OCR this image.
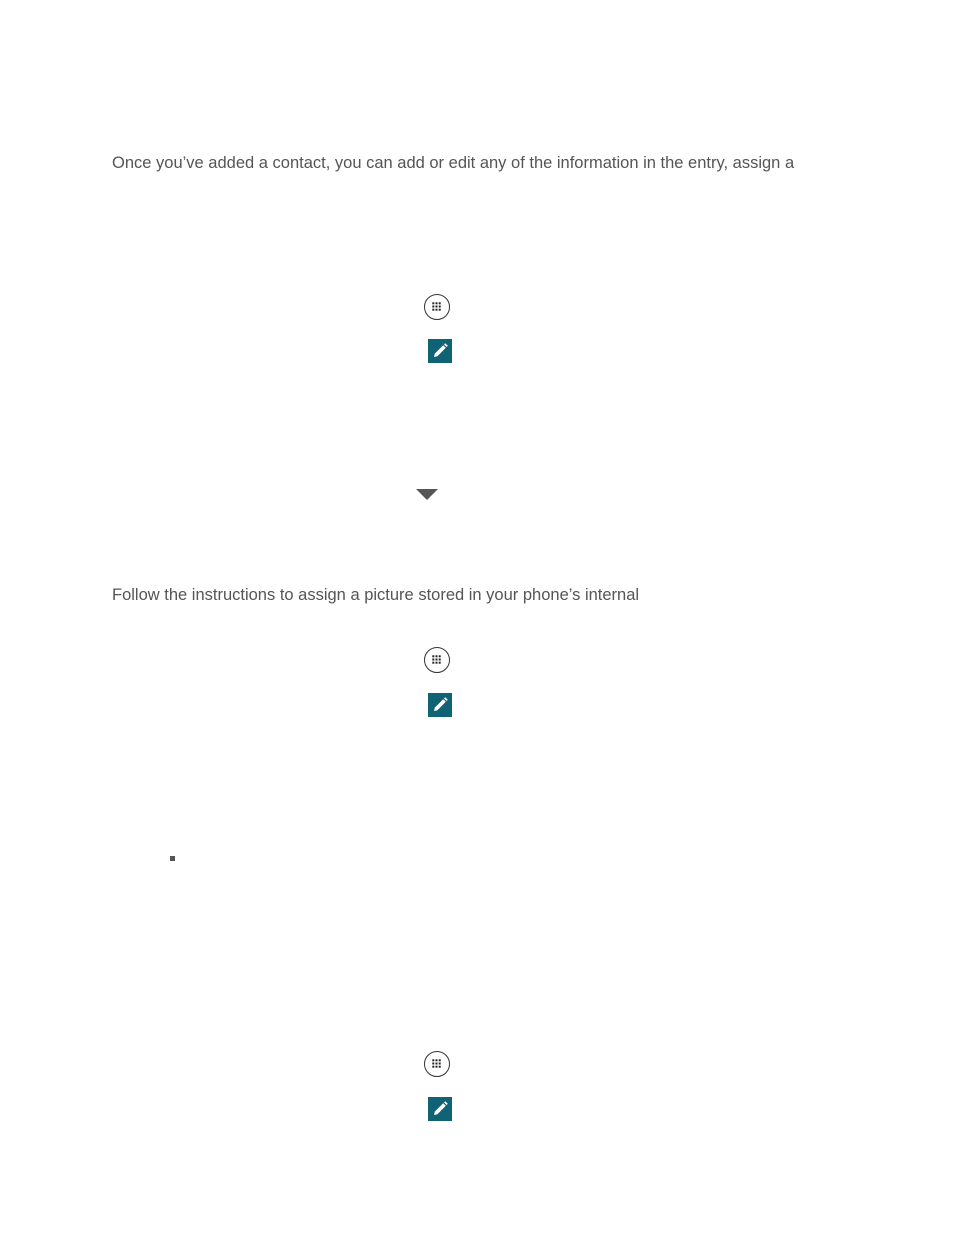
Once you’ve added a contact, you can add or edit any of the information in the entry, assign a

Follow the instructions to assign a picture stored in your phone’s internal
